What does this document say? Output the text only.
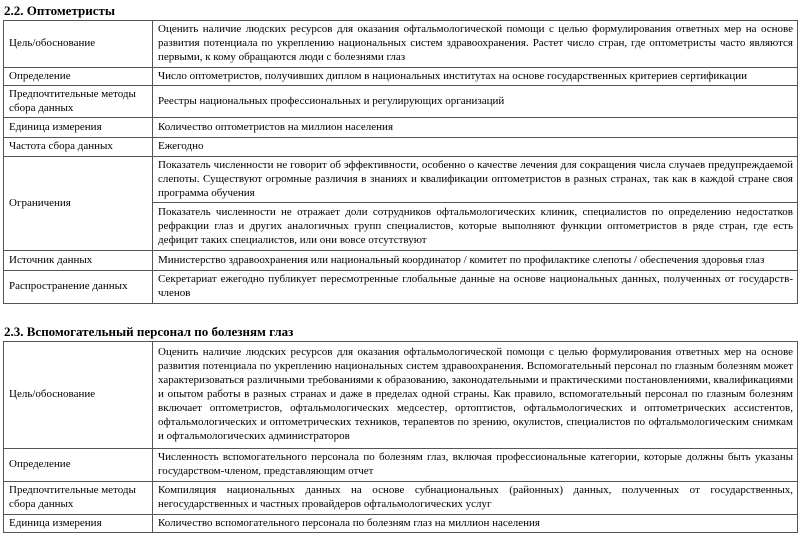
2.2. Оптометристы
Цель/обоснование	Оценить наличие людских ресурсов для оказания офтальмологической помощи с целью формулирования ответных мер на основе развития потенциала по укреплению национальных систем здравоохранения. Растет число стран, где оптометристы часто являются первыми, к кому обращаются люди с болезнями глаз
Определение	Число оптометристов, получивших диплом в национальных институтах на основе государственных критериев сертификации
Предпочтительные методы сбора данных	Реестры национальных профессиональных и регулирующих организаций
Единица измерения	Количество оптометристов на миллион населения
Частота сбора данных	Ежегодно
Ограничения	Показатель численности не говорит об эффективности, особенно о качестве лечения для сокращения числа случаев предупреждаемой слепоты. Существуют огромные различия в знаниях и квалификации оптометристов в разных странах, так как в каждой стране своя программа обучения
	Показатель численности не отражает доли сотрудников офтальмологических клиник, специалистов по определению недостатков рефракции глаз и других аналогичных групп специалистов, которые выполняют функции оптометристов в ряде стран, где есть дефицит таких специалистов, или они вовсе отсутствуют
Источник данных	Министерство здравоохранения или национальный координатор / комитет по профилактике слепоты / обеспечения здоровья глаз
Распространение данных	Секретариат ежегодно публикует пересмотренные глобальные данные на основе национальных данных, полученных от государств-членов
2.3. Вспомогательный персонал по болезням глаз
Цель/обоснование	Оценить наличие людских ресурсов для оказания офтальмологической помощи с целью формулирования ответных мер на основе развития потенциала по укреплению национальных систем здравоохранения. Вспомогательный персонал по глазным болезням может характеризоваться различными требованиями к образованию, законодательными и практическими постановлениями, квалификациями и опытом работы в разных странах и даже в пределах одной страны. Как правило, вспомогательный персонал по глазным болезням включает оптометристов, офтальмологических медсестер, ортоптистов, офтальмологических и оптометрических ассистентов, офтальмологических и оптометрических техников, терапевтов по зрению, окулистов, специалистов по офтальмологическим снимкам и офтальмологических администраторов
Определение	Численность вспомогательного персонала по болезням глаз, включая профессиональные категории, которые должны быть указаны государством-членом, представляющим отчет
Предпочтительные методы сбора данных	Компиляция национальных данных на основе субнациональных (районных) данных, полученных от государственных, негосударственных и частных провайдеров офтальмологических услуг
Единица измерения	Количество вспомогательного персонала по болезням глаз на миллион населения
